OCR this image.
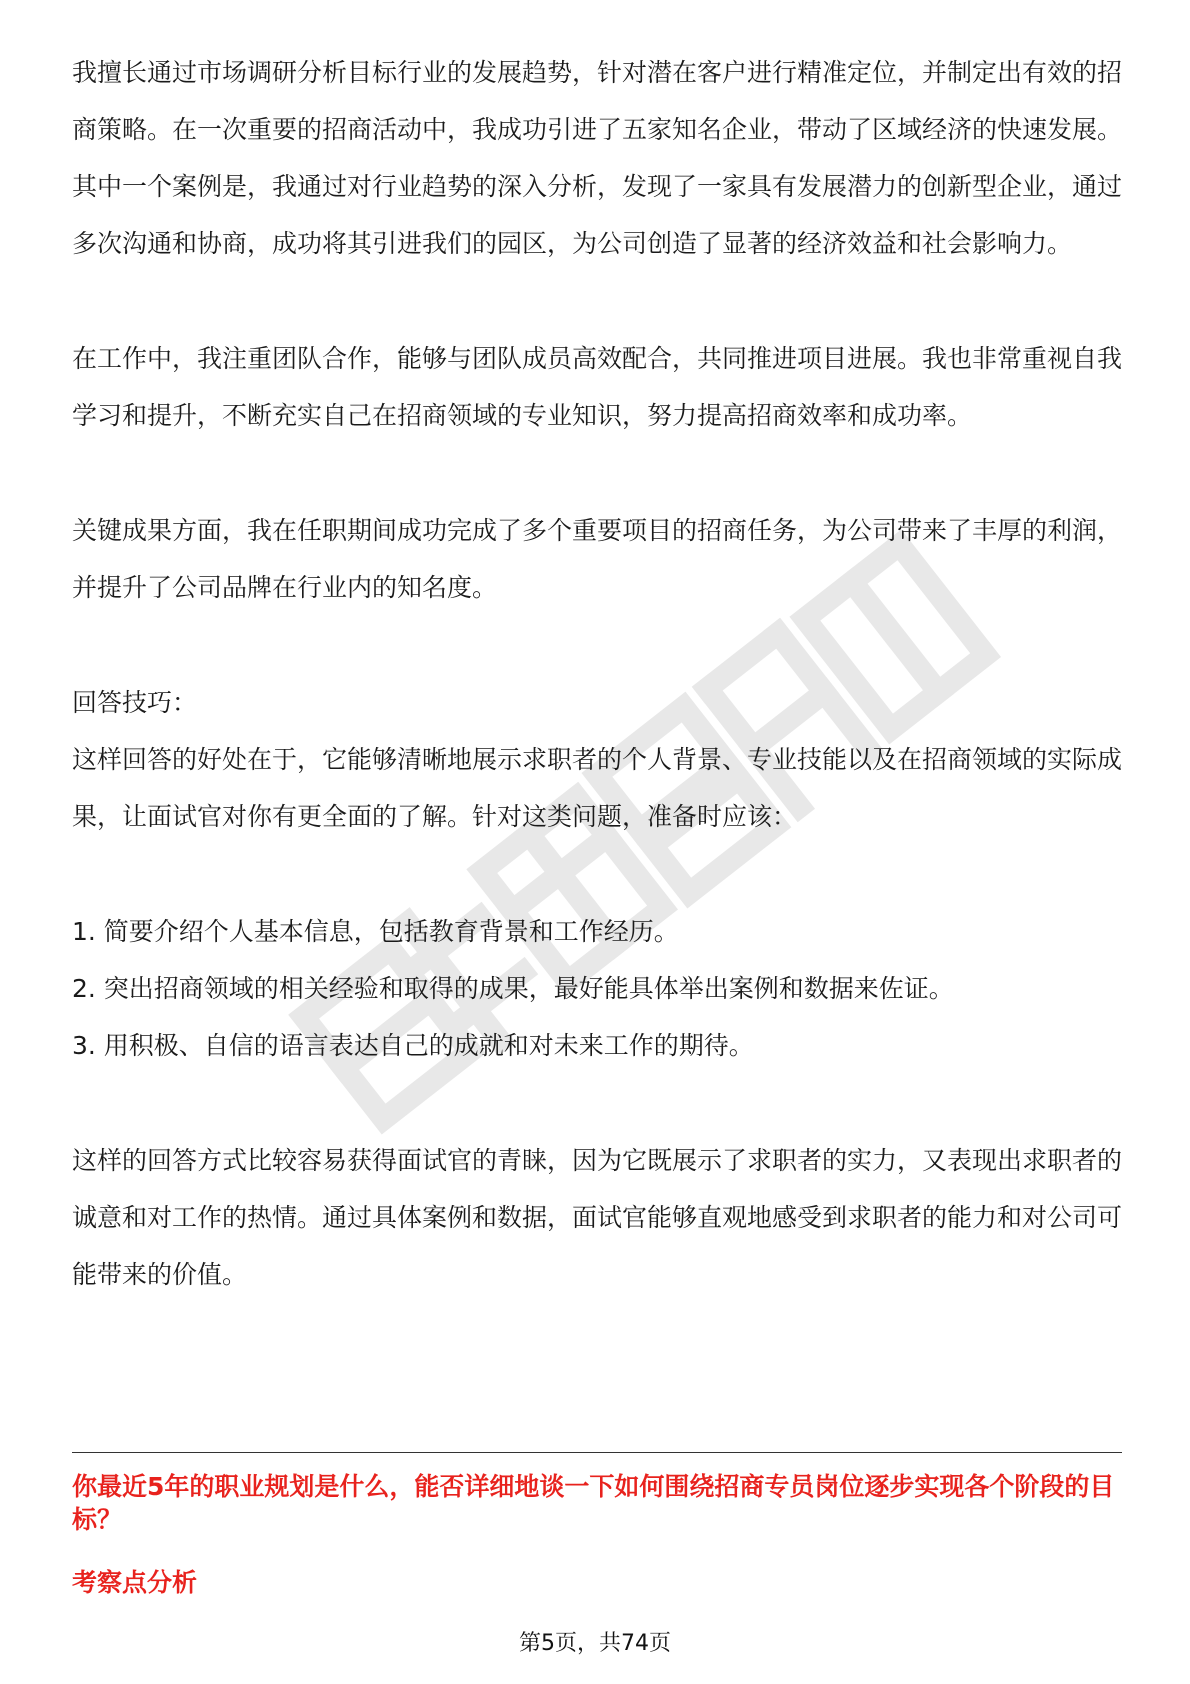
我擅长通过市场调研分析目标行业的发展趋势，针对潜在客户进行精准定位，并制定出有效的招商策略。在一次重要的招商活动中，我成功引进了五家知名企业，带动了区域经济的快速发展。其中一个案例是，我通过对行业趋势的深入分析，发现了一家具有发展潜力的创新型企业，通过多次沟通和协商，成功将其引进我们的园区，为公司创造了显著的经济效益和社会影响力。

在工作中，我注重团队合作，能够与团队成员高效配合，共同推进项目进展。我也非常重视自我学习和提升，不断充实自己在招商领域的专业知识，努力提高招商效率和成功率。

关键成果方面，我在任职期间成功完成了多个重要项目的招商任务，为公司带来了丰厚的利润，并提升了公司品牌在行业内的知名度。

回答技巧：

这样回答的好处在于，它能够清晰地展示求职者的个人背景、专业技能以及在招商领域的实际成果，让面试官对你有更全面的了解。针对这类问题，准备时应该：

1. 简要介绍个人基本信息，包括教育背景和工作经历。

2. 突出招商领域的相关经验和取得的成果，最好能具体举出案例和数据来佐证。

3. 用积极、自信的语言表达自己的成就和对未来工作的期待。

这样的回答方式比较容易获得面试官的青睐，因为它既展示了求职者的实力，又表现出求职者的诚意和对工作的热情。通过具体案例和数据，面试官能够直观地感受到求职者的能力和对公司可能带来的价值。

你最近5年的职业规划是什么，能否详细地谈一下如何围绕招商专员岗位逐步实现各个阶段的目标？

考察点分析

第5页，共74页
